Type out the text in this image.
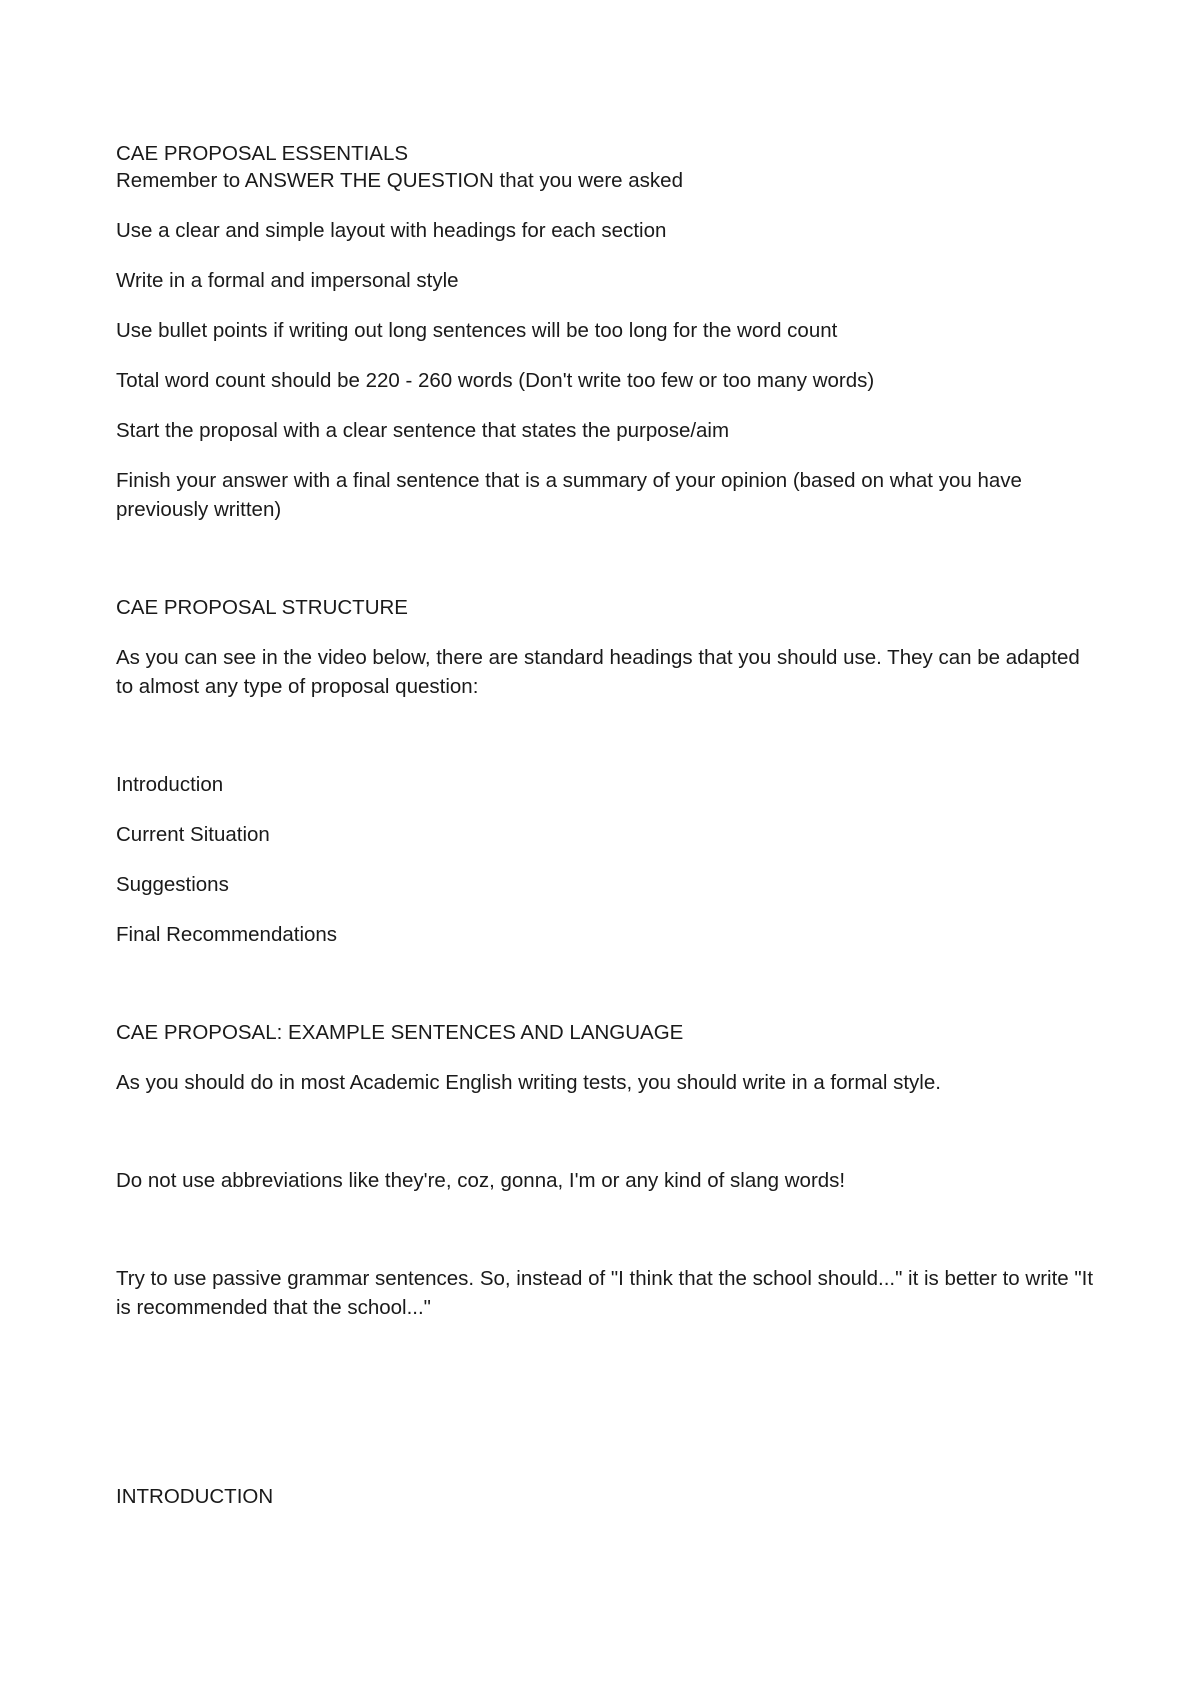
CAE PROPOSAL ESSENTIALS

Remember to ANSWER THE QUESTION that you were asked

Use a clear and simple layout with headings for each section

Write in a formal and impersonal style

Use bullet points if writing out long sentences will be too long for the word count

Total word count should be 220 - 260 words (Don't write too few or too many words)

Start the proposal with a clear sentence that states the purpose/aim

Finish your answer with a final sentence that is a summary of your opinion (based on what you have previously written)

CAE PROPOSAL STRUCTURE

As you can see in the video below, there are standard headings that you should use. They can be adapted to almost any type of proposal question:

Introduction

Current Situation

Suggestions

Final Recommendations

CAE PROPOSAL: EXAMPLE SENTENCES AND LANGUAGE

As you should do in most Academic English writing tests, you should write in a formal style.

Do not use abbreviations like they're, coz, gonna, I'm or any kind of slang words!

Try to use passive grammar sentences. So, instead of "I think that the school should..." it is better to write "It is recommended that the school..."

INTRODUCTION
